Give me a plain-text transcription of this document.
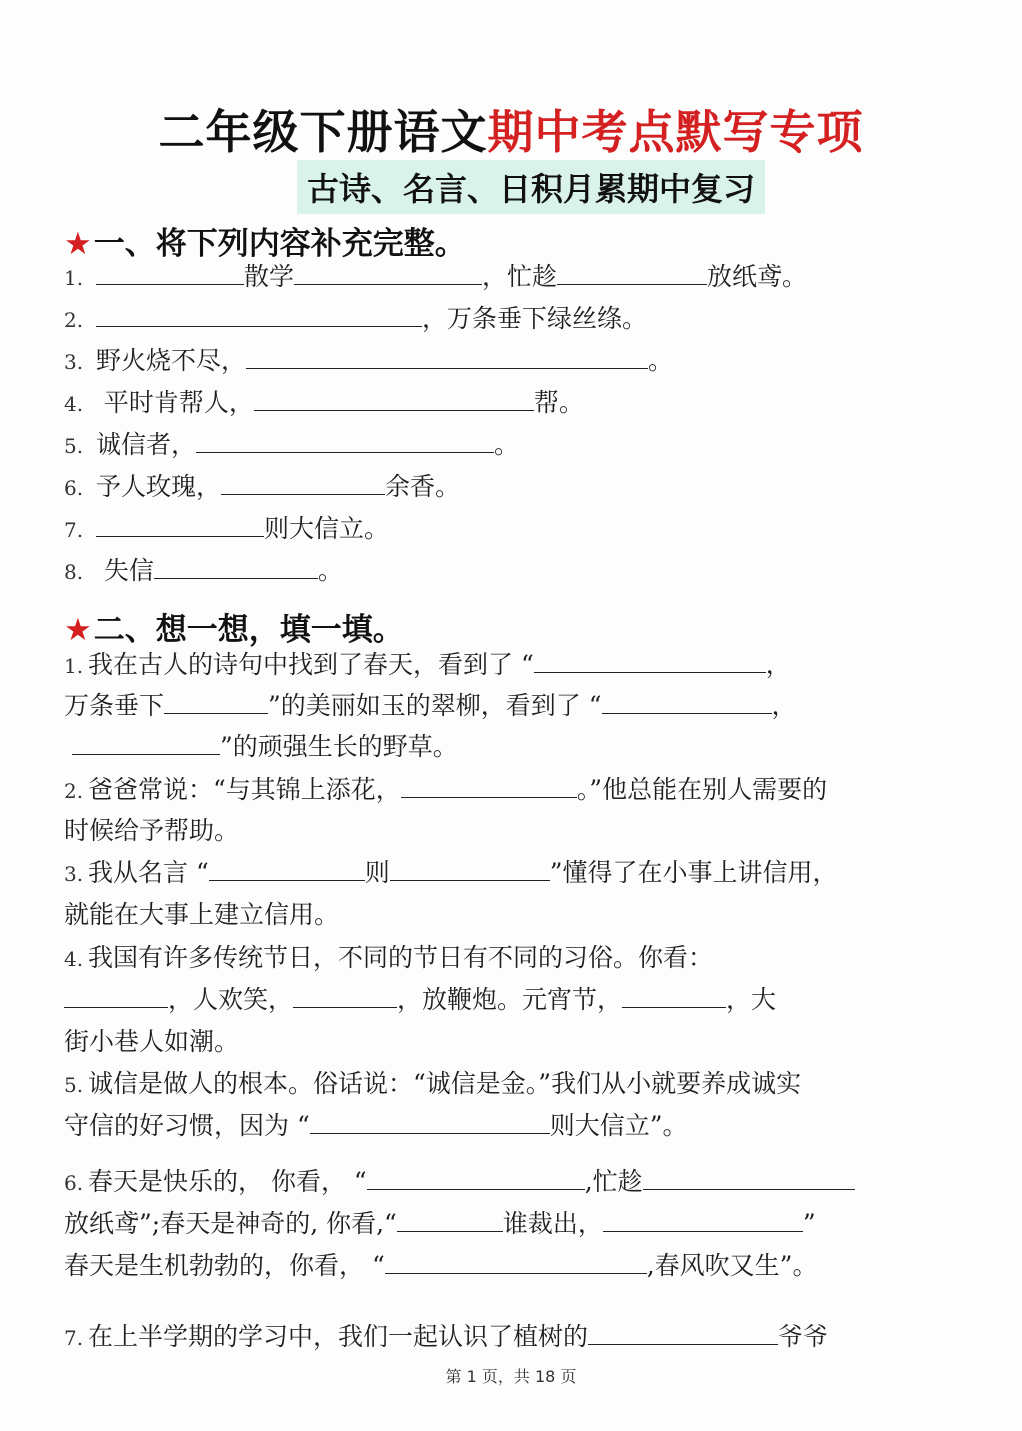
二年级下册语文期中考点默写专项
古诗、名言、日积月累期中复习
★一、将下列内容补充完整。
1.	散学	，忙趁	放纸鸢。
2.	，万条垂下绿丝绦。
3. 野火烧不尽，	。
4. 平时肯帮人，	帮。
5. 诚信者，	。
6. 予人玫瑰，	余香。
7.	则大信立。
8. 失信	。
★二、想一想，填一填。
1. 我在古人的诗句中找到了春天，看到了 “	，
万条垂下	”的美丽如玉的翠柳，看到了 “	，
”的顽强生长的野草。
2. 爸爸常说：“与其锦上添花，	。”他总能在别人需要的
时候给予帮助。
3. 我从名言 “	则	”懂得了在小事上讲信用，
就能在大事上建立信用。
4. 我国有许多传统节日，不同的节日有不同的习俗。你看：
，人欢笑，	，放鞭炮。元宵节，	，大
街小巷人如潮。
5. 诚信是做人的根本。俗话说：“诚信是金。”我们从小就要养成诚实
守信的好习惯，因为 “	则大信立”。
6. 春天是快乐的， 你看， “	,忙趁
放纸鸢”;春天是神奇的, 你看,“	谁裁出，	”
春天是生机勃勃的，你看， “	,春风吹又生”。
7. 在上半学期的学习中，我们一起认识了植树的	爷爷
第 1 页，共 18 页
